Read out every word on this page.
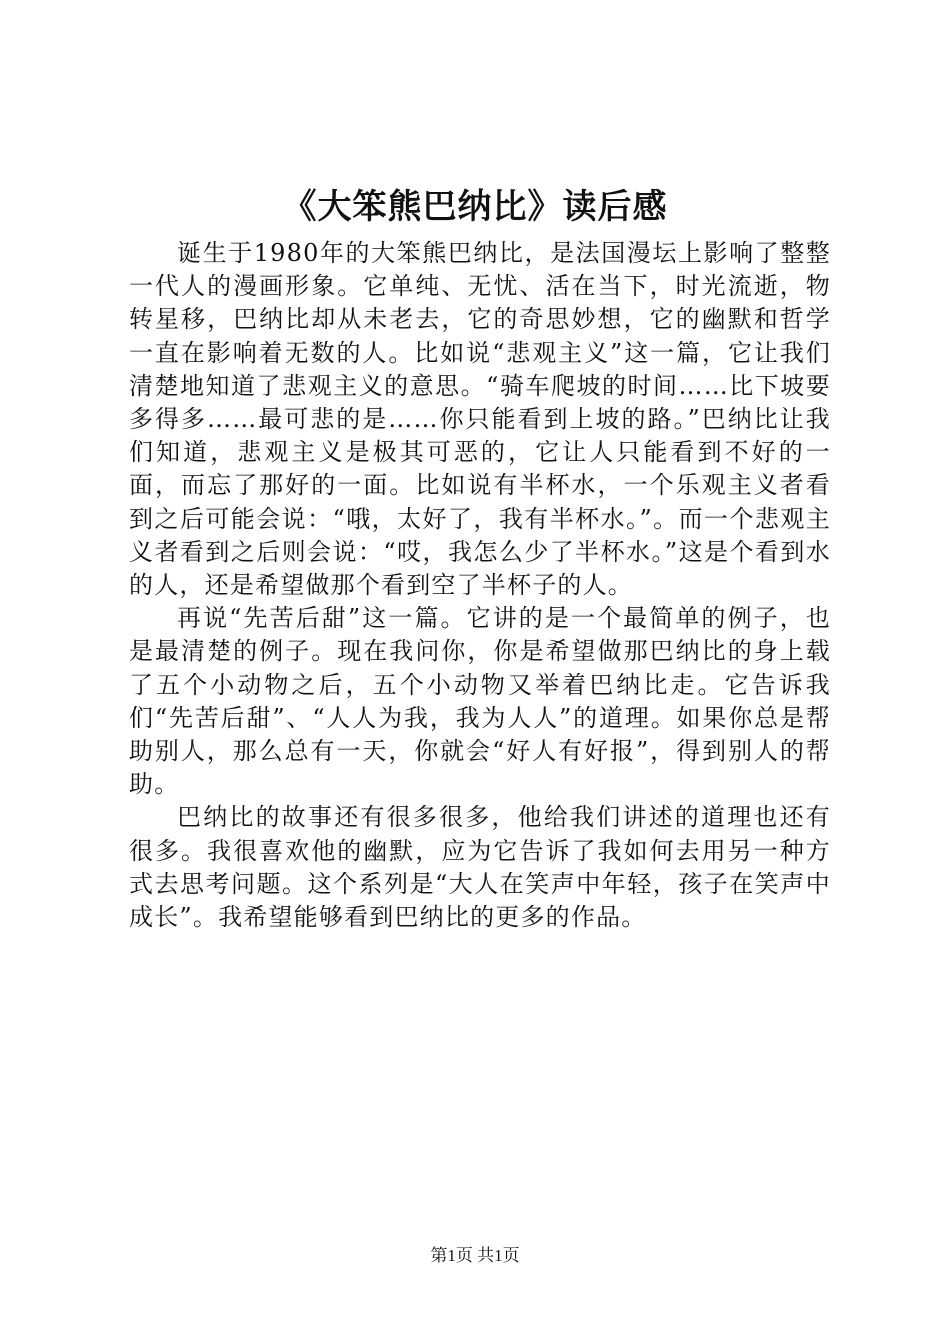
《大笨熊巴纳比》读后感

诞生于1980年的大笨熊巴纳比，是法国漫坛上影响了整整一代人的漫画形象。它单纯、无忧、活在当下，时光流逝，物转星移，巴纳比却从未老去，它的奇思妙想，它的幽默和哲学一直在影响着无数的人。比如说“悲观主义”这一篇，它让我们清楚地知道了悲观主义的意思。“骑车爬坡的时间……比下坡要多得多……最可悲的是……你只能看到上坡的路。”巴纳比让我们知道，悲观主义是极其可恶的，它让人只能看到不好的一面，而忘了那好的一面。比如说有半杯水，一个乐观主义者看到之后可能会说：“哦，太好了，我有半杯水。”。而一个悲观主义者看到之后则会说：“哎，我怎么少了半杯水。”这是个看到水的人，还是希望做那个看到空了半杯子的人。

再说“先苦后甜”这一篇。它讲的是一个最简单的例子，也是最清楚的例子。现在我问你，你是希望做那巴纳比的身上载了五个小动物之后，五个小动物又举着巴纳比走。它告诉我们“先苦后甜”、“人人为我，我为人人”的道理。如果你总是帮助别人，那么总有一天，你就会“好人有好报”，得到别人的帮助。

巴纳比的故事还有很多很多，他给我们讲述的道理也还有很多。我很喜欢他的幽默，应为它告诉了我如何去用另一种方式去思考问题。这个系列是“大人在笑声中年轻，孩子在笑声中成长”。我希望能够看到巴纳比的更多的作品。

第1页 共1页
